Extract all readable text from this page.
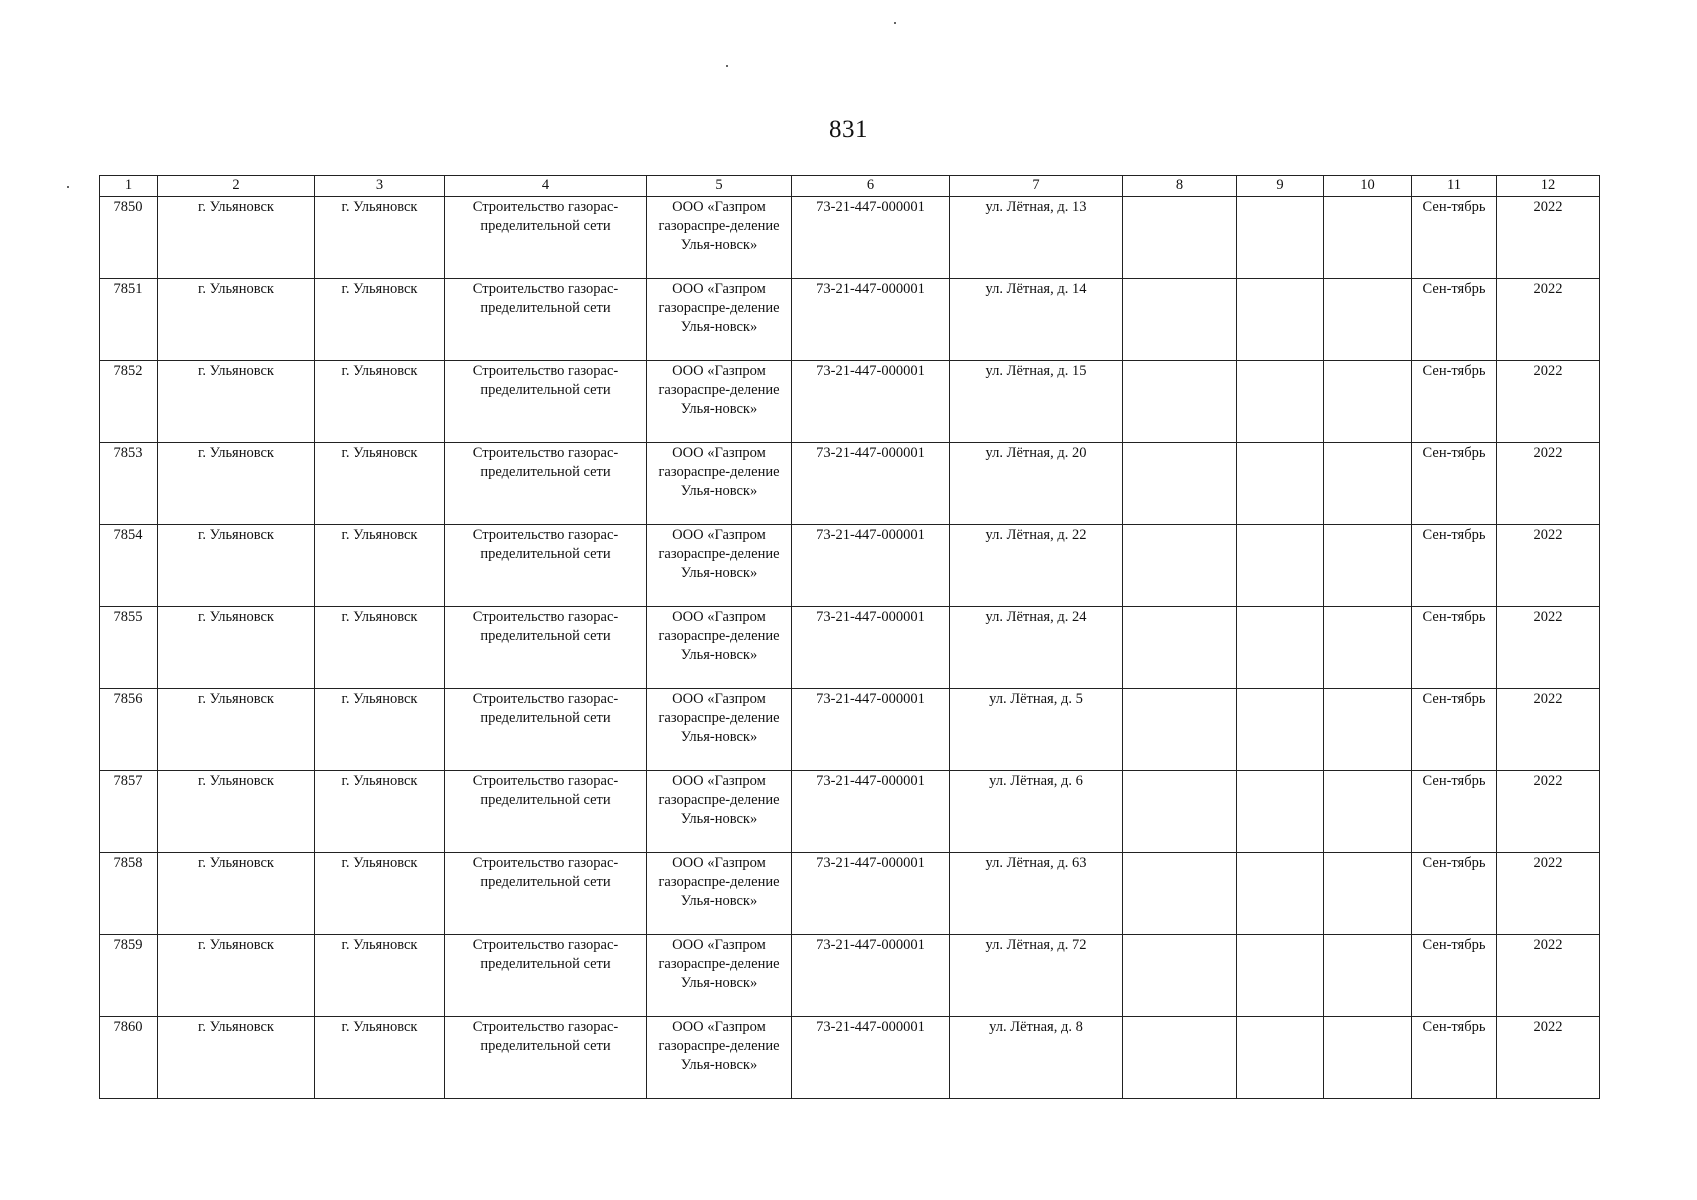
831
1	2	3	4	5	6	7	8	9	10	11	12
7850	г. Ульяновск	г. Ульяновск	Строительство газорас-пределительной сети	ООО «Газпром газораспре-деление Улья-новск»	73-21-447-000001	ул. Лётная, д. 13				Сен-тябрь	2022
7851	г. Ульяновск	г. Ульяновск	Строительство газорас-пределительной сети	ООО «Газпром газораспре-деление Улья-новск»	73-21-447-000001	ул. Лётная, д. 14				Сен-тябрь	2022
7852	г. Ульяновск	г. Ульяновск	Строительство газорас-пределительной сети	ООО «Газпром газораспре-деление Улья-новск»	73-21-447-000001	ул. Лётная, д. 15				Сен-тябрь	2022
7853	г. Ульяновск	г. Ульяновск	Строительство газорас-пределительной сети	ООО «Газпром газораспре-деление Улья-новск»	73-21-447-000001	ул. Лётная, д. 20				Сен-тябрь	2022
7854	г. Ульяновск	г. Ульяновск	Строительство газорас-пределительной сети	ООО «Газпром газораспре-деление Улья-новск»	73-21-447-000001	ул. Лётная, д. 22				Сен-тябрь	2022
7855	г. Ульяновск	г. Ульяновск	Строительство газорас-пределительной сети	ООО «Газпром газораспре-деление Улья-новск»	73-21-447-000001	ул. Лётная, д. 24				Сен-тябрь	2022
7856	г. Ульяновск	г. Ульяновск	Строительство газорас-пределительной сети	ООО «Газпром газораспре-деление Улья-новск»	73-21-447-000001	ул. Лётная, д. 5				Сен-тябрь	2022
7857	г. Ульяновск	г. Ульяновск	Строительство газорас-пределительной сети	ООО «Газпром газораспре-деление Улья-новск»	73-21-447-000001	ул. Лётная, д. 6				Сен-тябрь	2022
7858	г. Ульяновск	г. Ульяновск	Строительство газорас-пределительной сети	ООО «Газпром газораспре-деление Улья-новск»	73-21-447-000001	ул. Лётная, д. 63				Сен-тябрь	2022
7859	г. Ульяновск	г. Ульяновск	Строительство газорас-пределительной сети	ООО «Газпром газораспре-деление Улья-новск»	73-21-447-000001	ул. Лётная, д. 72				Сен-тябрь	2022
7860	г. Ульяновск	г. Ульяновск	Строительство газорас-пределительной сети	ООО «Газпром газораспре-деление Улья-новск»	73-21-447-000001	ул. Лётная, д. 8				Сен-тябрь	2022
